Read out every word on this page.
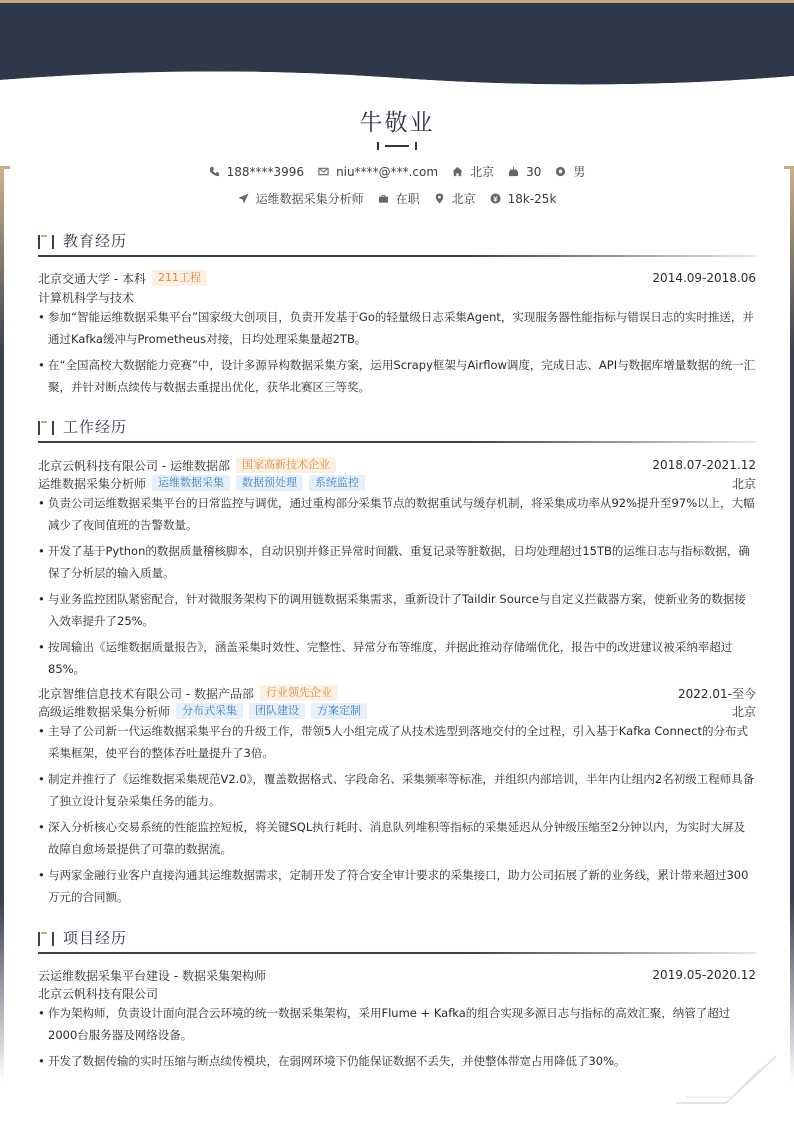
牛敬业
188****3996	niu****@***.com	北京	30	男
运维数据采集分析师	在职	北京	18k-25k
教育经历
北京交通大学 - 本科	211工程	2014.09-2018.06
计算机科学与技术
• 参加“智能运维数据采集平台”国家级大创项目，负责开发基于Go的轻量级日志采集Agent，实现服务器性能指标与错误日志的实时推送，并通过Kafka缓冲与Prometheus对接，日均处理采集量超2TB。
• 在“全国高校大数据能力竞赛”中，设计多源异构数据采集方案，运用Scrapy框架与Airflow调度，完成日志、API与数据库增量数据的统一汇聚，并针对断点续传与数据去重提出优化，获华北赛区三等奖。
工作经历
北京云帆科技有限公司 - 运维数据部	国家高新技术企业	2018.07-2021.12
运维数据采集分析师	运维数据采集	数据预处理	系统监控	北京
• 负责公司运维数据采集平台的日常监控与调优，通过重构部分采集节点的数据重试与缓存机制，将采集成功率从92%提升至97%以上，大幅减少了夜间值班的告警数量。
• 开发了基于Python的数据质量稽核脚本，自动识别并修正异常时间戳、重复记录等脏数据，日均处理超过15TB的运维日志与指标数据，确保了分析层的输入质量。
• 与业务监控团队紧密配合，针对微服务架构下的调用链数据采集需求，重新设计了Taildir Source与自定义拦截器方案，使新业务的数据接入效率提升了25%。
• 按周输出《运维数据质量报告》，涵盖采集时效性、完整性、异常分布等维度，并据此推动存储端优化，报告中的改进建议被采纳率超过85%。
北京智维信息技术有限公司 - 数据产品部	行业领先企业	2022.01-至今
高级运维数据采集分析师	分布式采集	团队建设	方案定制	北京
• 主导了公司新一代运维数据采集平台的升级工作，带领5人小组完成了从技术选型到落地交付的全过程，引入基于Kafka Connect的分布式采集框架，使平台的整体吞吐量提升了3倍。
• 制定并推行了《运维数据采集规范V2.0》，覆盖数据格式、字段命名、采集频率等标准，并组织内部培训，半年内让组内2名初级工程师具备了独立设计复杂采集任务的能力。
• 深入分析核心交易系统的性能监控短板，将关键SQL执行耗时、消息队列堆积等指标的采集延迟从分钟级压缩至2分钟以内，为实时大屏及故障自愈场景提供了可靠的数据流。
• 与两家金融行业客户直接沟通其运维数据需求，定制开发了符合安全审计要求的采集接口，助力公司拓展了新的业务线，累计带来超过300万元的合同额。
项目经历
云运维数据采集平台建设 - 数据采集架构师	2019.05-2020.12
北京云帆科技有限公司
• 作为架构师，负责设计面向混合云环境的统一数据采集架构，采用Flume + Kafka的组合实现多源日志与指标的高效汇聚，纳管了超过2000台服务器及网络设备。
• 开发了数据传输的实时压缩与断点续传模块，在弱网环境下仍能保证数据不丢失，并使整体带宽占用降低了30%。
